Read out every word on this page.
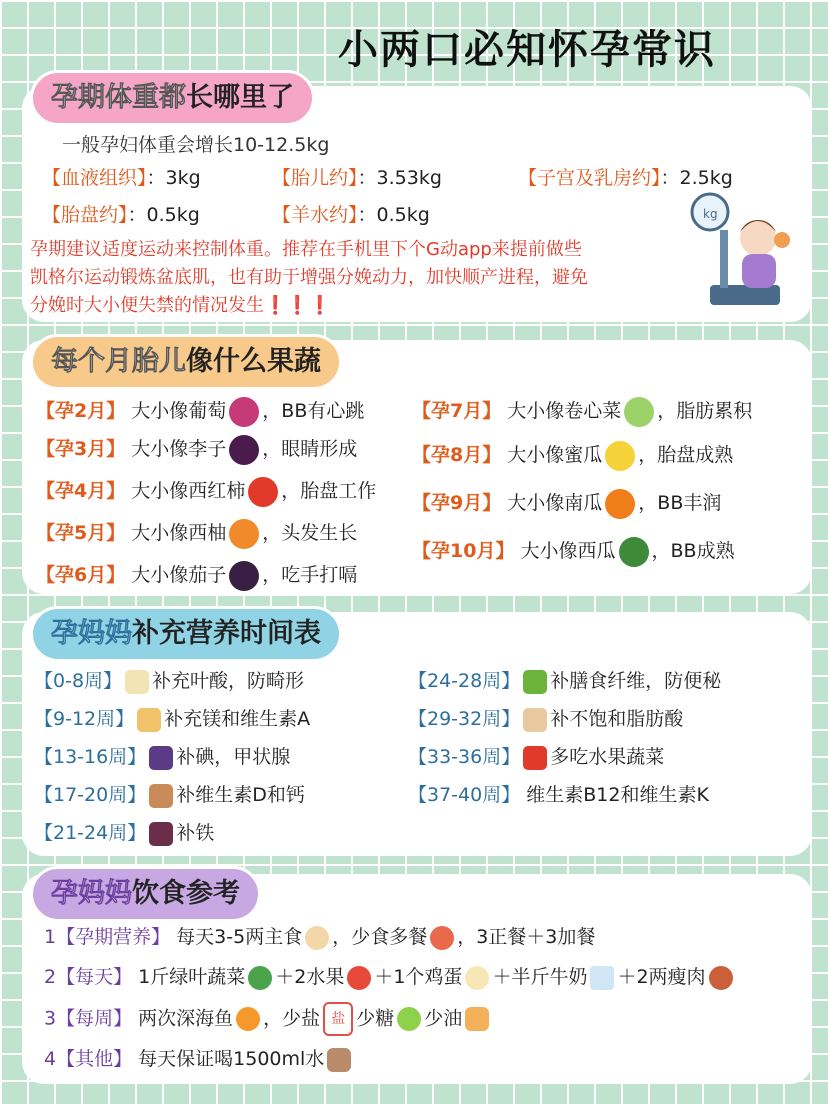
小两口必知怀孕常识
孕期体重都长哪里了
一般孕妇体重会增长10-12.5kg
【血液组织】：3kg	【胎儿约】：3.53kg	【子宫及乳房约】：2.5kg
【胎盘约】：0.5kg	【羊水约】：0.5kg
孕期建议适度运动来控制体重。推荐在手机里下个G动app来提前做些
凯格尔运动锻炼盆底肌，也有助于增强分娩动力，加快顺产进程，避免
分娩时大小便失禁的情况发生❗❗❗
kg
每个月胎儿像什么果蔬
【孕2月】 大小像葡萄 ，BB有心跳
【孕3月】 大小像李子 ，眼睛形成
【孕4月】 大小像西红柿 ，胎盘工作
【孕5月】 大小像西柚 ，头发生长
【孕6月】 大小像茄子 ，吃手打嗝
【孕7月】 大小像卷心菜 ，脂肪累积
【孕8月】 大小像蜜瓜 ，胎盘成熟
【孕9月】 大小像南瓜 ，BB丰润
【孕10月】 大小像西瓜 ，BB成熟
孕妈妈补充营养时间表
【0-8周】 补充叶酸，防畸形
【9-12周】 补充镁和维生素A
【13-16周】 补碘，甲状腺
【17-20周】 补维生素D和钙
【21-24周】 补铁
【24-28周】 补膳食纤维，防便秘
【29-32周】 补不饱和脂肪酸
【33-36周】 多吃水果蔬菜
【37-40周】 维生素B12和维生素K
孕妈妈饮食参考
1【孕期营养】 每天3-5两主食 ，少食多餐 ，3正餐＋3加餐
2【每天】 1斤绿叶蔬菜 ＋2水果 ＋1个鸡蛋 ＋半斤牛奶 ＋2两瘦肉
3【每周】 两次深海鱼 ，少盐 盐 少糖 少油
4【其他】 每天保证喝1500ml水
